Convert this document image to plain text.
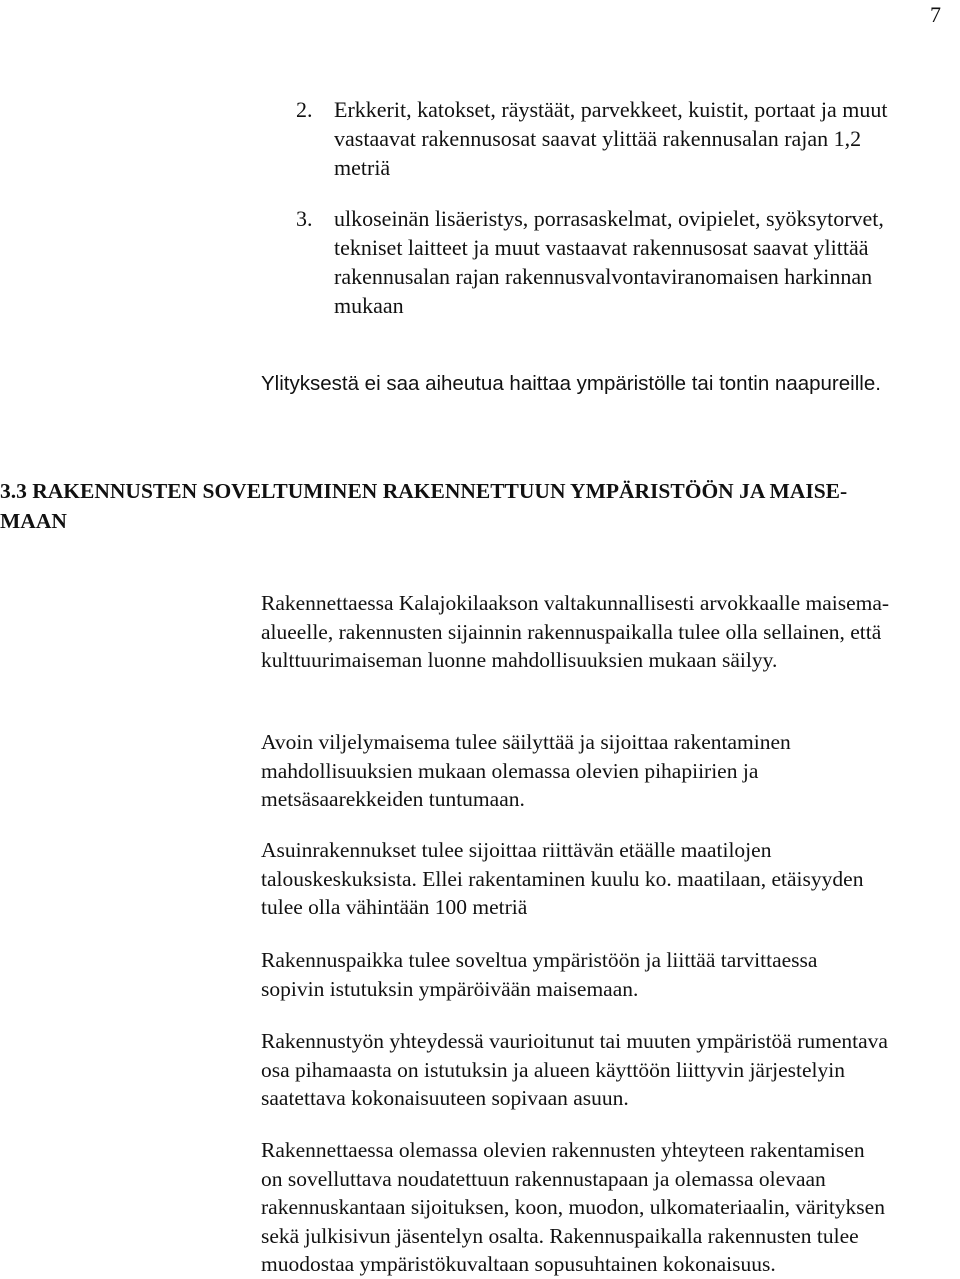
7
2. Erkkerit, katokset, räystäät, parvekkeet, kuistit, portaat ja muut
vastaavat rakennusosat saavat ylittää rakennusalan rajan 1,2
metriä
3. ulkoseinän lisäeristys, porrasaskelmat, ovipielet, syöksytorvet,
tekniset laitteet ja muut vastaavat rakennusosat saavat ylittää
rakennusalan rajan rakennusvalvontaviranomaisen harkinnan
mukaan
Ylityksestä ei saa aiheutua haittaa ympäristölle tai tontin naapureille.
3.3 RAKENNUSTEN SOVELTUMINEN RAKENNETTUUN YMPÄRISTÖÖN JA MAISE-
MAAN
Rakennettaessa Kalajokilaakson valtakunnallisesti arvokkaalle maisema-
alueelle, rakennusten sijainnin rakennuspaikalla tulee olla sellainen, että
kulttuurimaiseman luonne mahdollisuuksien mukaan säilyy.
Avoin viljelymaisema tulee säilyttää ja sijoittaa rakentaminen
mahdollisuuksien mukaan olemassa olevien pihapiirien ja
metsäsaarekkeiden tuntumaan.
Asuinrakennukset tulee sijoittaa riittävän etäälle maatilojen
talouskeskuksista. Ellei rakentaminen kuulu ko. maatilaan, etäisyyden
tulee olla vähintään 100 metriä
Rakennuspaikka tulee soveltua ympäristöön ja liittää tarvittaessa
sopivin istutuksin ympäröivään maisemaan.
Rakennustyön yhteydessä vaurioitunut tai muuten ympäristöä rumentava
osa pihamaasta on istutuksin ja alueen käyttöön liittyvin järjestelyin
saatettava kokonaisuuteen sopivaan asuun.
Rakennettaessa olemassa olevien rakennusten yhteyteen rakentamisen
on sovelluttava noudatettuun rakennustapaan ja olemassa olevaan
rakennuskantaan sijoituksen, koon, muodon, ulkomateriaalin, värityksen
sekä julkisivun jäsentelyn osalta. Rakennuspaikalla rakennusten tulee
muodostaa ympäristökuvaltaan sopusuhtainen kokonaisuus.
